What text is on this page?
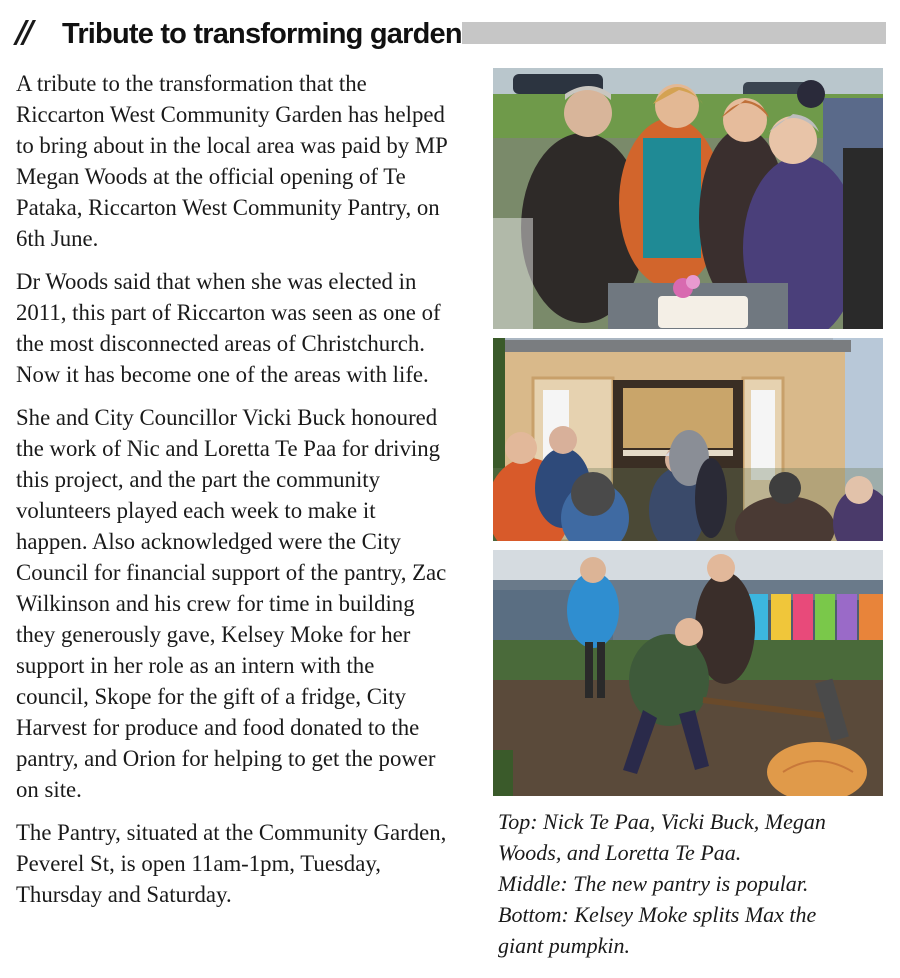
// Tribute to transforming garden

A tribute to the transformation that the Riccarton West Community Garden has helped to bring about in the local area was paid by MP Megan Woods at the official opening of Te Pataka, Riccarton West Community Pantry, on 6th June.

Dr Woods said that when she was elected in 2011, this part of Riccarton was seen as one of the most disconnected areas of Christchurch. Now it has become one of the areas with life.

She and City Councillor Vicki Buck honoured the work of Nic and Loretta Te Paa for driving this project, and the part the community volunteers played each week to make it happen. Also acknowledged were the City Council for financial support of the pantry, Zac Wilkinson and his crew for time in building they generously gave, Kelsey Moke for her support in her role as an intern with the council, Skope for the gift of a fridge, City Harvest for produce and food donated to the pantry, and Orion for helping to get the power on site.

The Pantry, situated at the Community Garden, Peverel St, is open 11am-1pm, Tuesday, Thursday and Saturday.

Top: Nick Te Paa, Vicki Buck, Megan
Woods, and Loretta Te Paa.
Middle: The new pantry is popular.
Bottom: Kelsey Moke splits Max the
giant pumpkin.
